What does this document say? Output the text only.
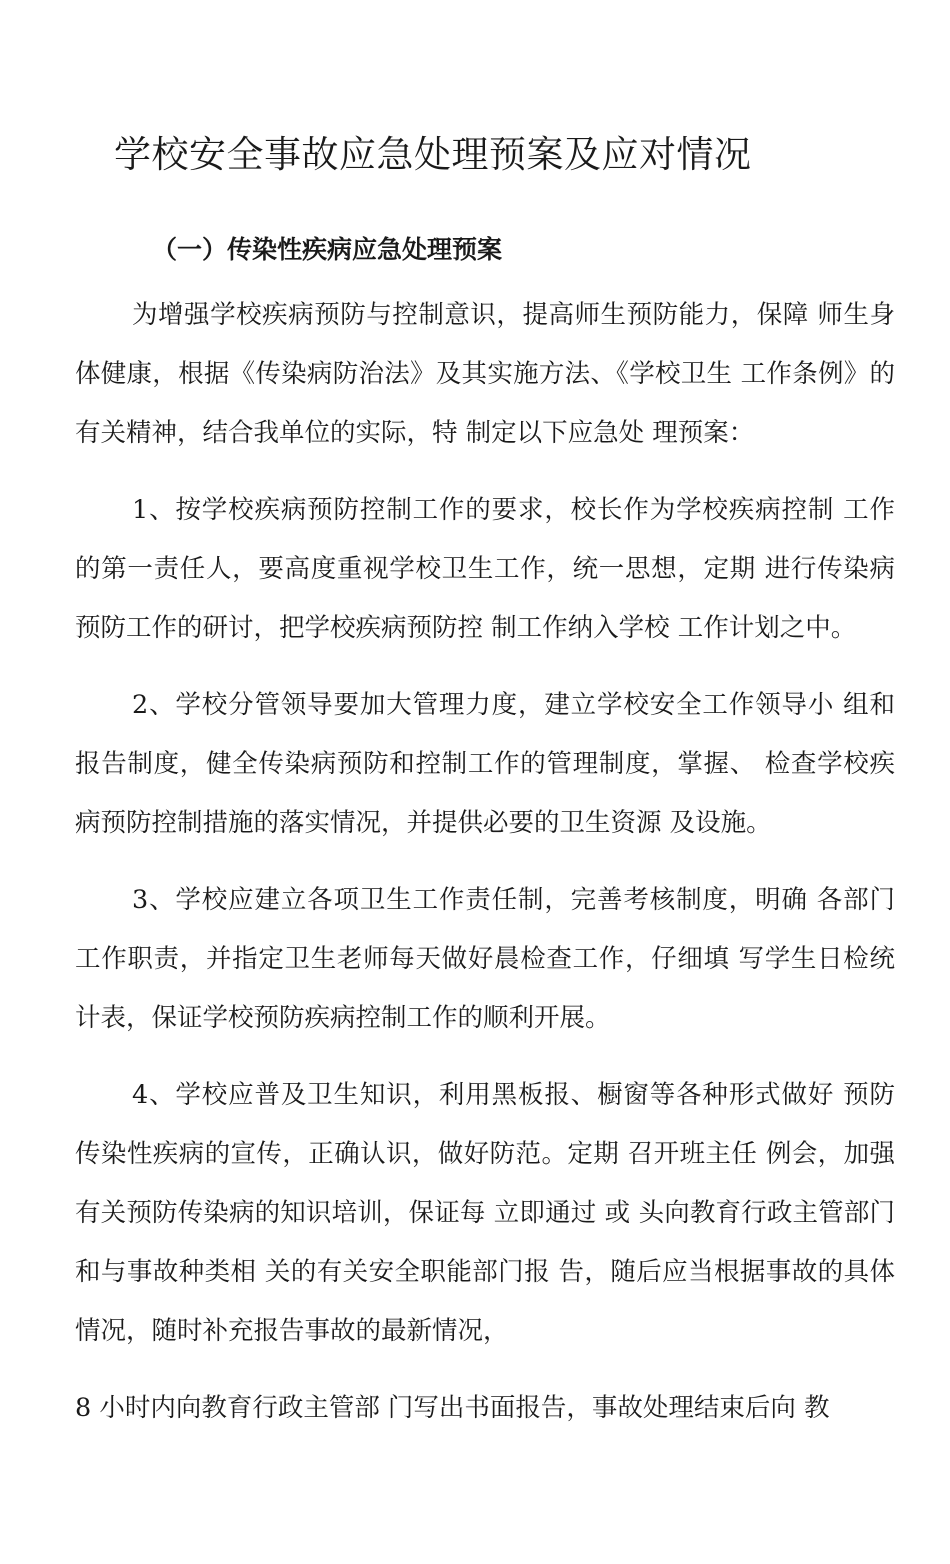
学校安全事故应急处理预案及应对情况
（一）传染性疾病应急处理预案

为增强学校疾病预防与控制意识，提高师生预防能力，保障 师生身体健康，根据《传染病防治法》及其实施方法、《学校卫生 工作条例》的有关精神，结合我单位的实际，特 制定以下应急处 理预案：

1、按学校疾病预防控制工作的要求，校长作为学校疾病控制 工作的第一责任人，要高度重视学校卫生工作，统一思想，定期 进行传染病预防工作的研讨，把学校疾病预防控 制工作纳入学校 工作计划之中。

2、学校分管领导要加大管理力度，建立学校安全工作领导小 组和报告制度，健全传染病预防和控制工作的管理制度，掌握、 检查学校疾病预防控制措施的落实情况，并提供必要的卫生资源 及设施。

3、学校应建立各项卫生工作责任制，完善考核制度，明确 各部门工作职责，并指定卫生老师每天做好晨检查工作，仔细填 写学生日检统计表，保证学校预防疾病控制工作的顺利开展。

4、学校应普及卫生知识，利用黑板报、橱窗等各种形式做好 预防传染性疾病的宣传，正确认识，做好防范。定期 召开班主任 例会，加强有关预防传染病的知识培训，保证每 立即通过 或 头向教育行政主管部门和与事故种类相 关的有关安全职能部门报 告，随后应当根据事故的具体情况，随时补充报告事故的最新情况，

8 小时内向教育行政主管部 门写出书面报告，事故处理结束后向 教
